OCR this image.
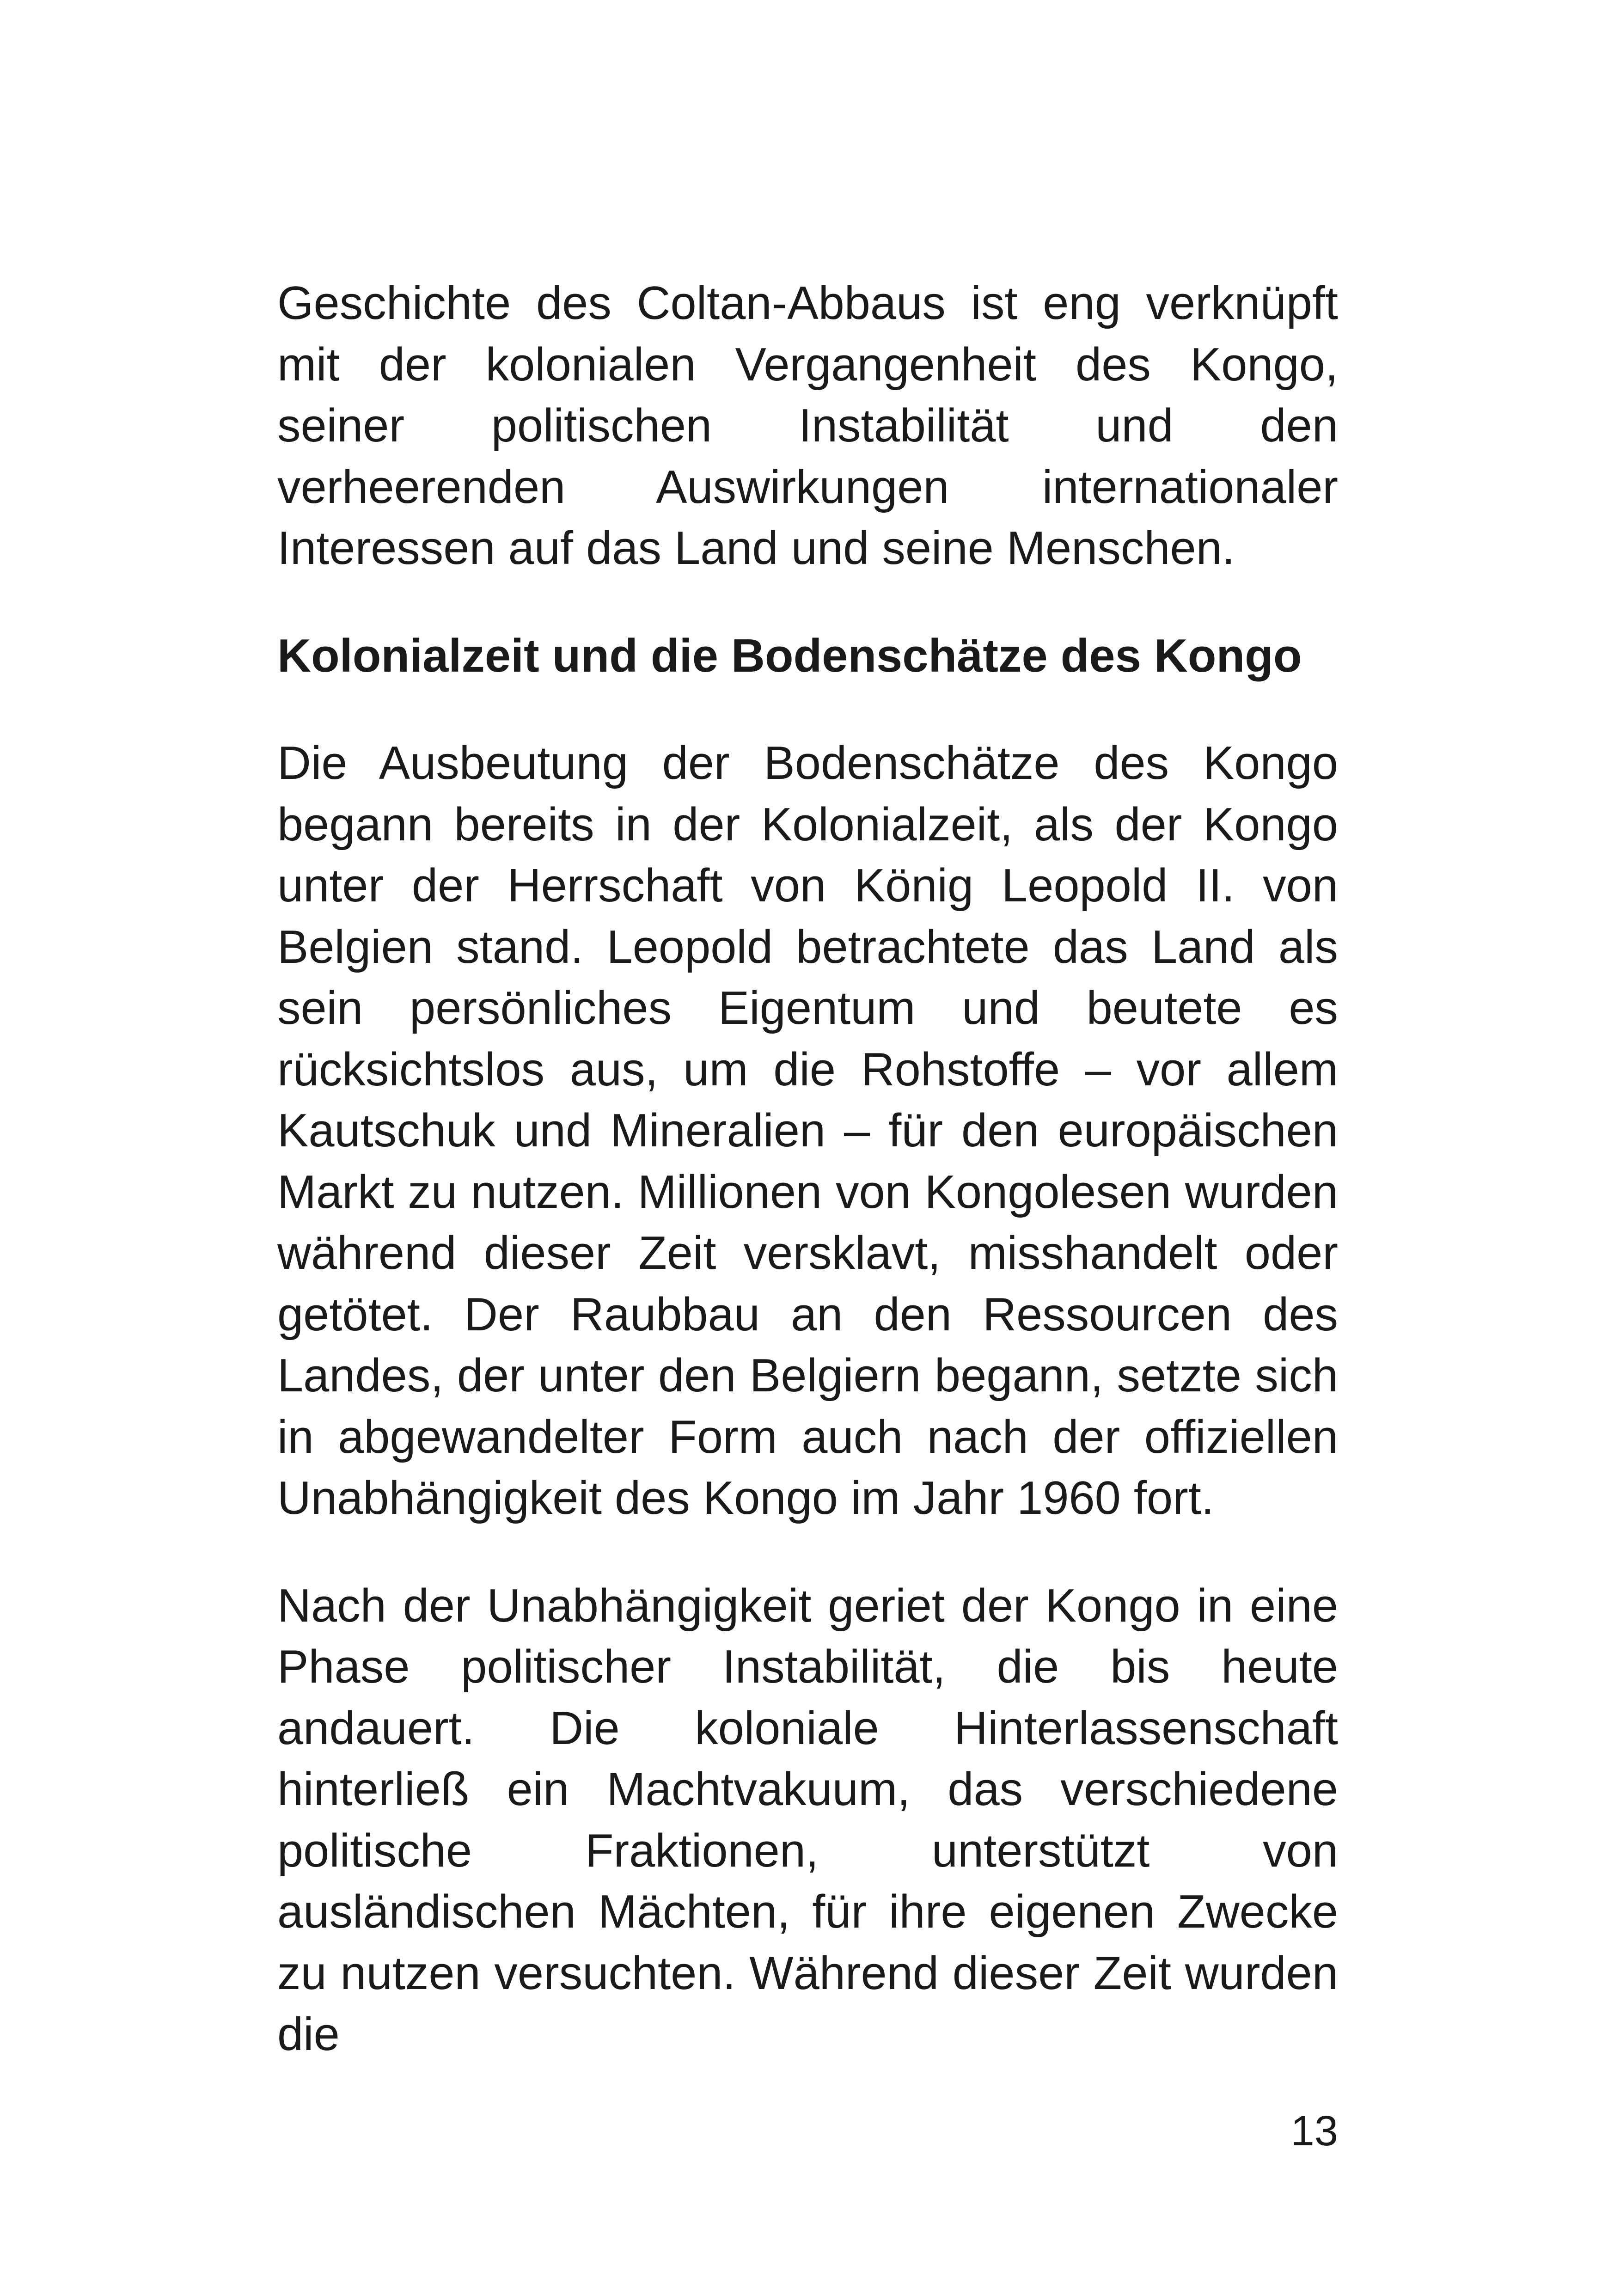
Geschichte des Coltan-Abbaus ist eng verknüpft mit der kolonialen Vergangenheit des Kongo, seiner politischen Instabilität und den verheerenden Auswirkungen internationaler Interessen auf das Land und seine Menschen.

Kolonialzeit und die Bodenschätze des Kongo

Die Ausbeutung der Bodenschätze des Kongo begann bereits in der Kolonialzeit, als der Kongo unter der Herrschaft von König Leopold II. von Belgien stand. Leopold betrachtete das Land als sein persönliches Eigentum und beutete es rücksichtslos aus, um die Rohstoffe – vor allem Kautschuk und Mineralien – für den europäischen Markt zu nutzen. Millionen von Kongolesen wurden während dieser Zeit versklavt, misshandelt oder getötet. Der Raubbau an den Ressourcen des Landes, der unter den Belgiern begann, setzte sich in abgewandelter Form auch nach der offiziellen Unabhängigkeit des Kongo im Jahr 1960 fort.

Nach der Unabhängigkeit geriet der Kongo in eine Phase politischer Instabilität, die bis heute andauert. Die koloniale Hinterlassenschaft hinterließ ein Machtvakuum, das verschiedene politische Fraktionen, unterstützt von ausländischen Mächten, für ihre eigenen Zwecke zu nutzen versuchten. Während dieser Zeit wurden die

13
